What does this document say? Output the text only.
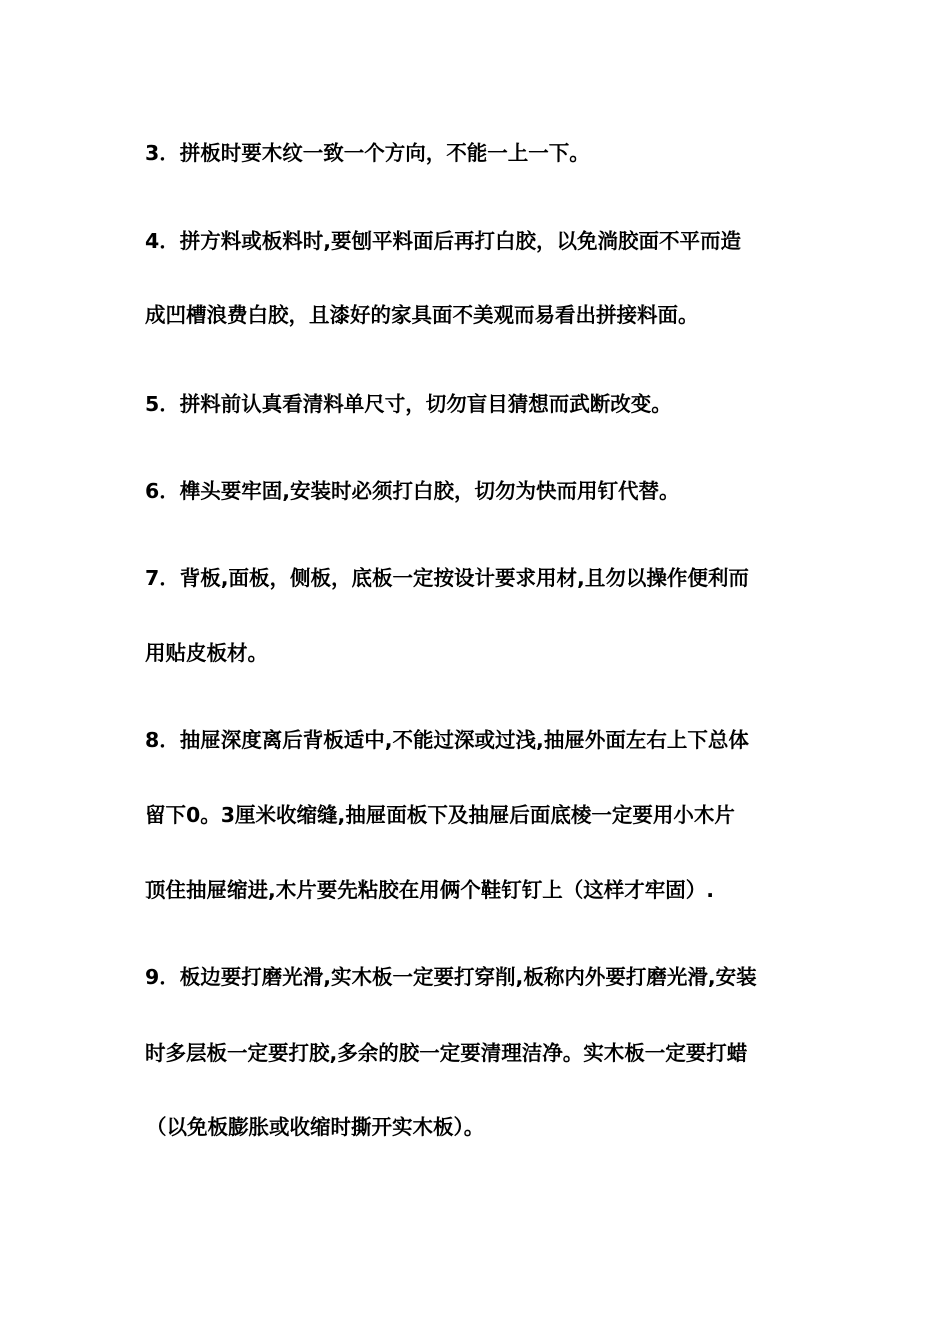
3．拼板时要木纹一致一个方向，不能一上一下。
4．拼方料或板料时,要刨平料面后再打白胶，以免淌胶面不平而造
成凹槽浪费白胶，且漆好的家具面不美观而易看出拼接料面。
5．拼料前认真看清料单尺寸，切勿盲目猜想而武断改变。
6．榫头要牢固,安装时必须打白胶，切勿为快而用钉代替。
7．背板,面板，侧板，底板一定按设计要求用材,且勿以操作便利而
用贴皮板材。
8．抽屉深度离后背板适中,不能过深或过浅,抽屉外面左右上下总体
留下0。3厘米收缩缝,抽屉面板下及抽屉后面底棱一定要用小木片
顶住抽屉缩进,木片要先粘胶在用俩个鞋钉钉上（这样才牢固）.
9．板边要打磨光滑,实木板一定要打穿削,板称内外要打磨光滑,安装
时多层板一定要打胶,多余的胶一定要清理洁净。实木板一定要打蜡
（以免板膨胀或收缩时撕开实木板）。
